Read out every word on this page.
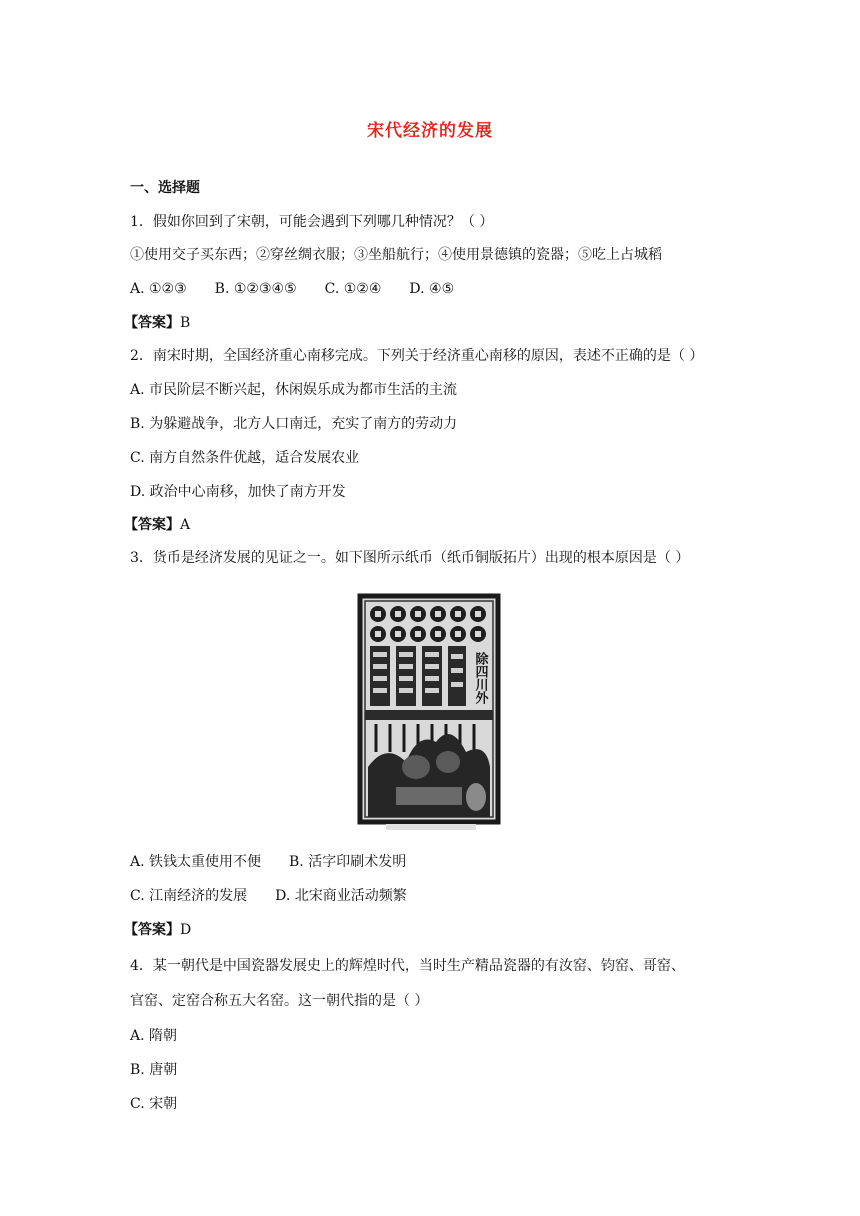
宋代经济的发展
一、选择题
1．假如你回到了宋朝，可能会遇到下列哪几种情况？（ ）
①使用交子买东西；②穿丝绸衣服；③坐船航行；④使用景德镇的瓷器；⑤吃上占城稻
A. ①②③ B. ①②③④⑤ C. ①②④ D. ④⑤
【答案】B
2．南宋时期，全国经济重心南移完成。下列关于经济重心南移的原因，表述不正确的是（ ）
A. 市民阶层不断兴起，休闲娱乐成为都市生活的主流
B. 为躲避战争，北方人口南迁，充实了南方的劳动力
C. 南方自然条件优越，适合发展农业
D. 政治中心南移，加快了南方开发
【答案】A
3．货币是经济发展的见证之一。如下图所示纸币（纸币铜版拓片）出现的根本原因是（ ）
除四川外
A. 铁钱太重使用不便 B. 活字印刷术发明
C. 江南经济的发展 D. 北宋商业活动频繁
【答案】D
4．某一朝代是中国瓷器发展史上的辉煌时代，当时生产精品瓷器的有汝窑、钧窑、哥窑、
官窑、定窑合称五大名窑。这一朝代指的是（ ）
A. 隋朝
B. 唐朝
C. 宋朝
